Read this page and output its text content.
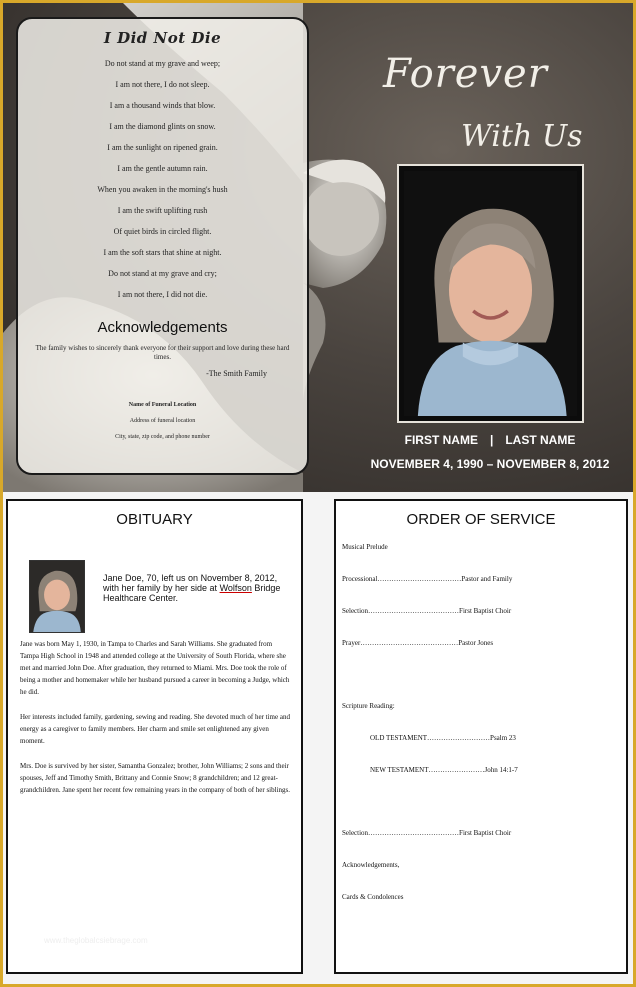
I Did Not Die
Do not stand at my grave and weep;
I am not there, I do not sleep.
I am a thousand winds that blow.
I am the diamond glints on snow.
I am the sunlight on ripened grain.
I am the gentle autumn rain.
When you awaken in the morning's hush
I am the swift uplifting rush
Of quiet birds in circled flight.
I am the soft stars that shine at night.
Do not stand at my grave and cry;
I am not there, I did not die.
Acknowledgements
The family wishes to sincerely thank everyone for their support and love during these hard times.
-The Smith Family
Name of Funeral Location
Address of funeral location
City, state, zip code, and phone number
Forever
With Us
FIRST NAME | LAST NAME
NOVEMBER 4, 1990 – NOVEMBER 8, 2012
OBITUARY
Jane Doe, 70, left us on November 8, 2012, with her family by her side at Wolfson Bridge Healthcare Center.

Jane was born May 1, 1930, in Tampa to Charles and Sarah Williams. She graduated from Tampa High School in 1948 and attended college at the University of South Florida, where she met and married John Doe. After graduation, they returned to Miami. Mrs. Doe took the role of being a mother and homemaker while her husband pursued a career in becoming a Judge, which he did.

Her interests included family, gardening, sewing and reading. She devoted much of her time and energy as a caregiver to family members. Her charm and smile set enlightened any given moment.

Mrs. Doe is survived by her sister, Samantha Gonzalez; brother, John Williams; 2 sons and their spouses, Jeff and Timothy Smith, Brittany and Connie Snow; 8 grandchildren; and 12 great-grandchildren. Jane spent her recent few remaining years in the company of both of her siblings.

www.theglobalcsiebrage.com
ORDER OF SERVICE
Musical Prelude
Processional………………………………Pastor and Family
Selection…………………………………First Baptist Choir
Prayer……………………………………Pastor Jones
Scripture Reading:
OLD TESTAMENT………………………Psalm 23
NEW TESTAMENT……………………John 14:1-7
Selection…………………………………First Baptist Choir
Acknowledgements,
Cards & Condolences
